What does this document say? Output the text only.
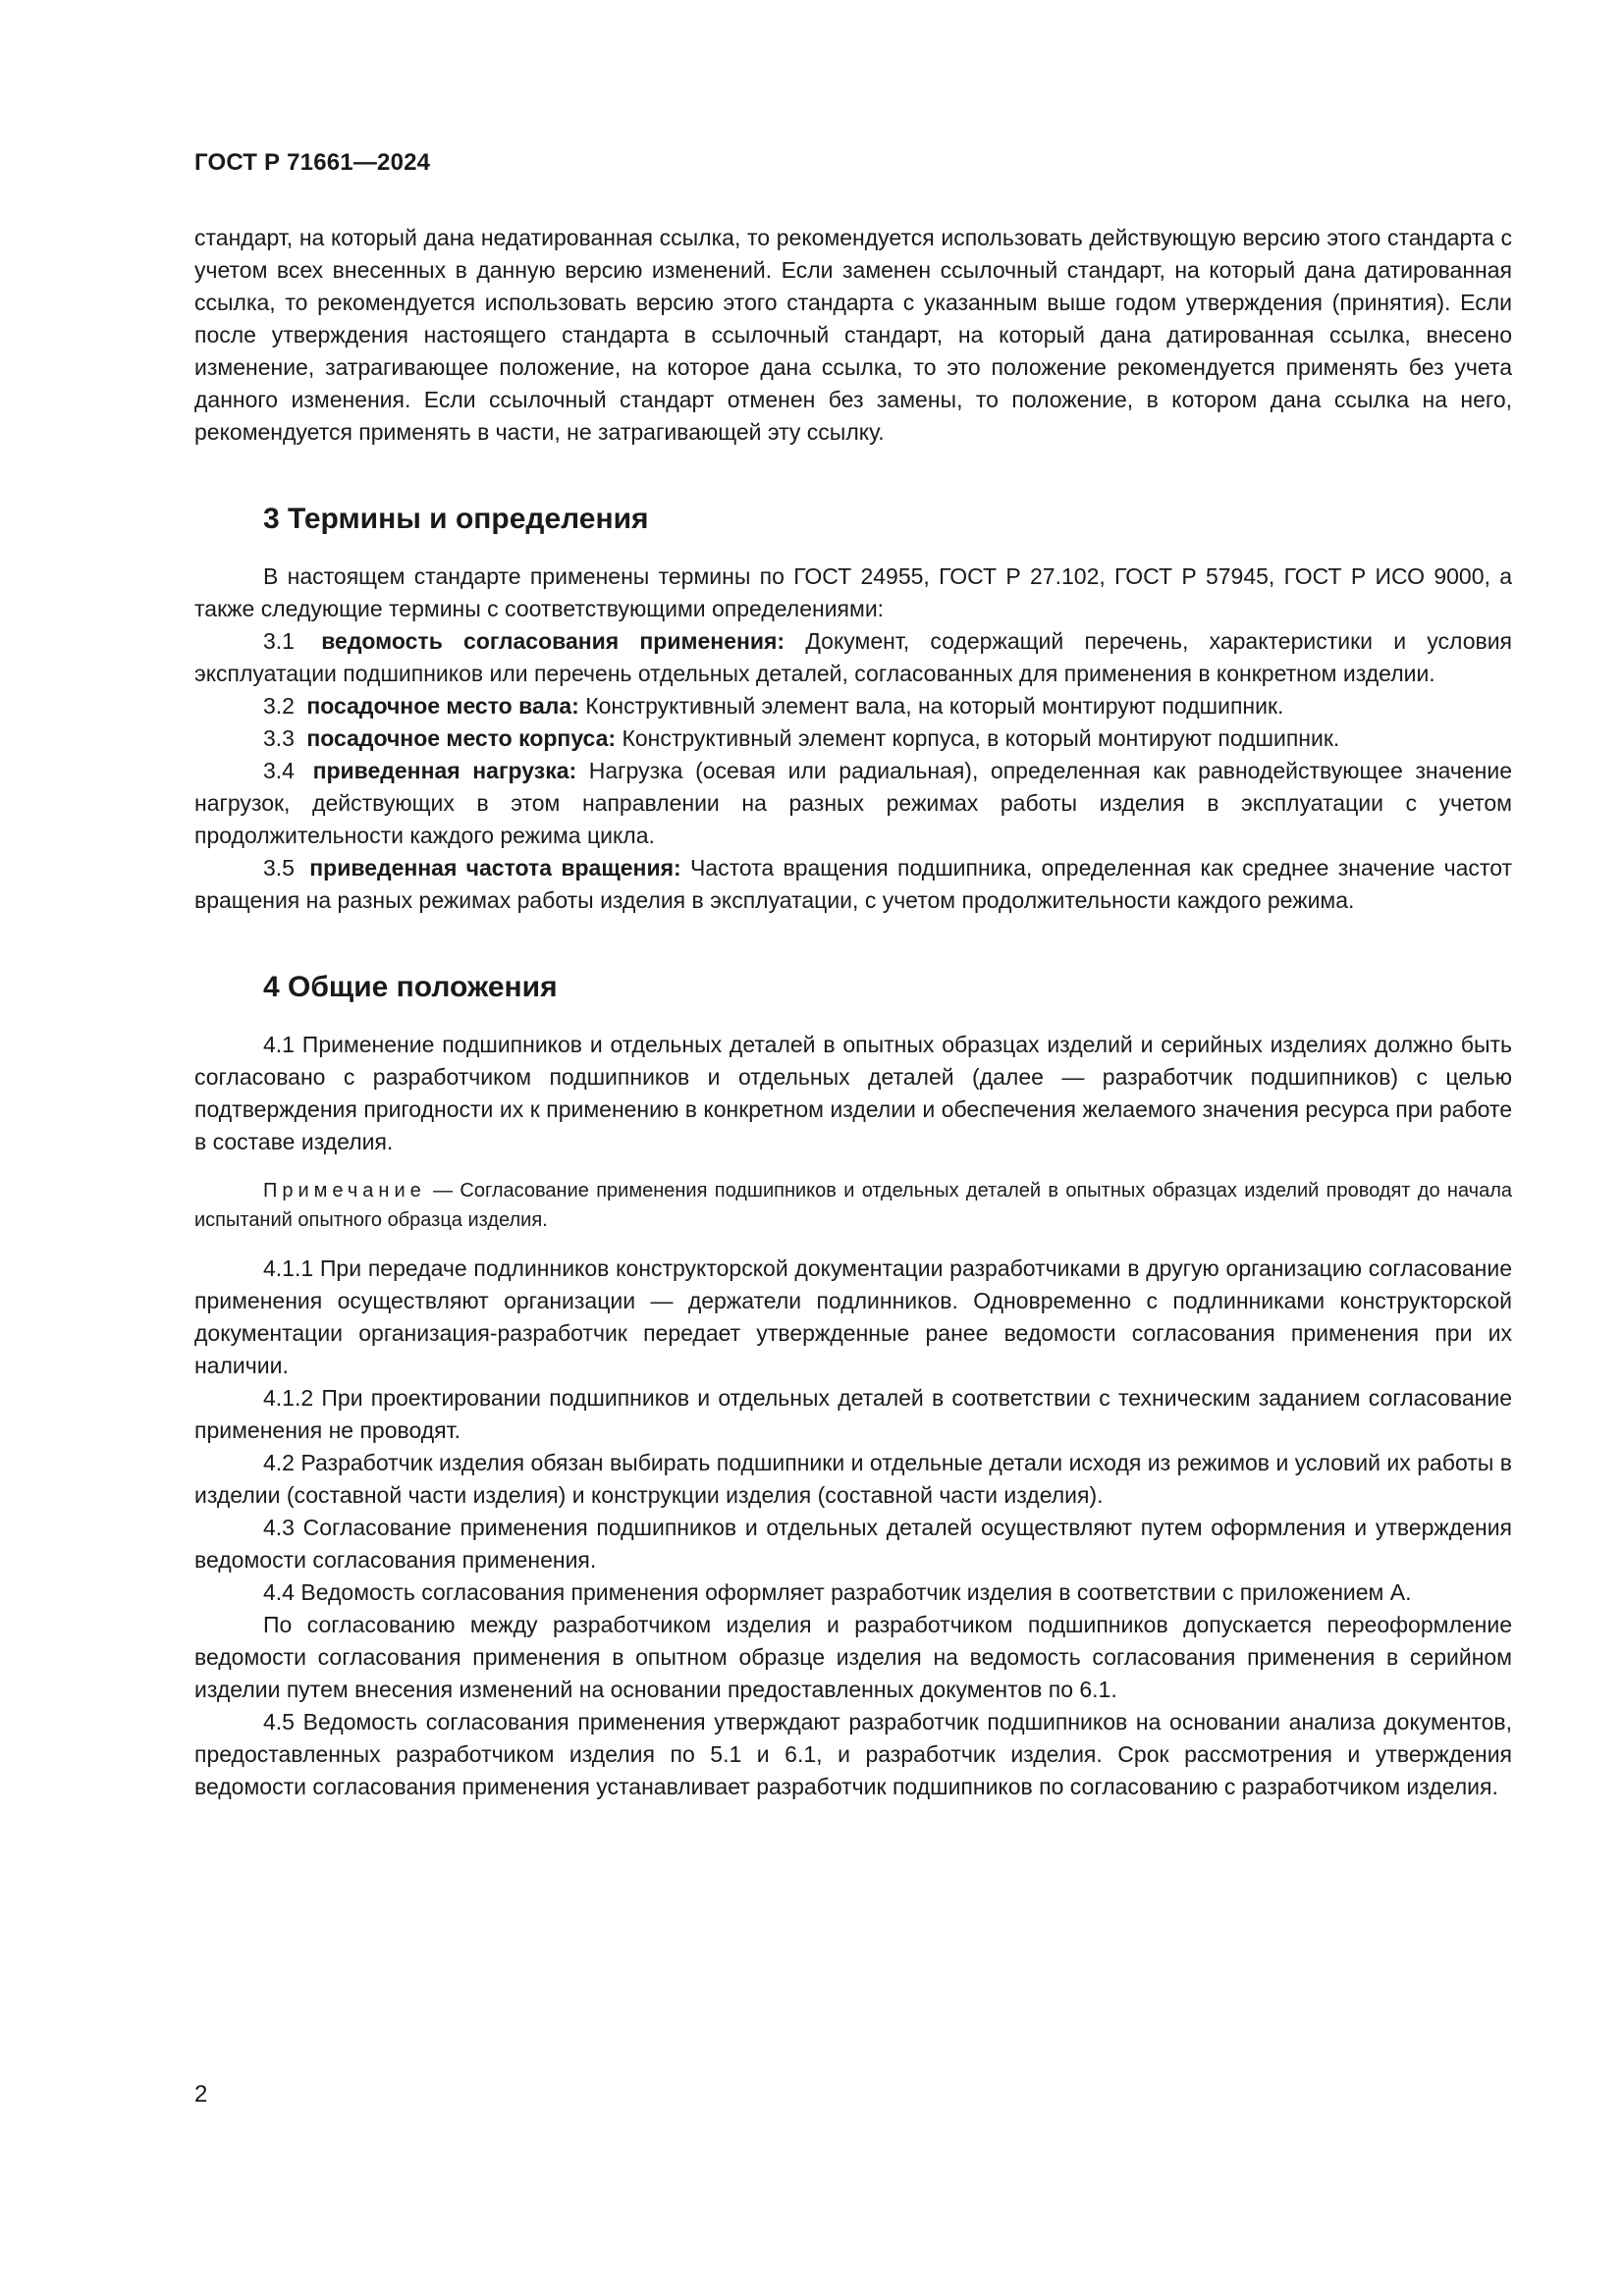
ГОСТ Р 71661—2024

стандарт, на который дана недатированная ссылка, то рекомендуется использовать действующую версию этого стандарта с учетом всех внесенных в данную версию изменений. Если заменен ссылочный стандарт, на который дана датированная ссылка, то рекомендуется использовать версию этого стандарта с указанным выше годом утверждения (принятия). Если после утверждения настоящего стандарта в ссылочный стандарт, на который дана датированная ссылка, внесено изменение, затрагивающее положение, на которое дана ссылка, то это положение рекомендуется применять без учета данного изменения. Если ссылочный стандарт отменен без замены, то положение, в котором дана ссылка на него, рекомендуется применять в части, не затрагивающей эту ссылку.

3 Термины и определения

В настоящем стандарте применены термины по ГОСТ 24955, ГОСТ Р 27.102, ГОСТ Р 57945, ГОСТ Р ИСО 9000, а также следующие термины с соответствующими определениями:

3.1 ведомость согласования применения: Документ, содержащий перечень, характеристики и условия эксплуатации подшипников или перечень отдельных деталей, согласованных для применения в конкретном изделии.

3.2 посадочное место вала: Конструктивный элемент вала, на который монтируют подшипник.

3.3 посадочное место корпуса: Конструктивный элемент корпуса, в который монтируют подшипник.

3.4 приведенная нагрузка: Нагрузка (осевая или радиальная), определенная как равнодействующее значение нагрузок, действующих в этом направлении на разных режимах работы изделия в эксплуатации с учетом продолжительности каждого режима цикла.

3.5 приведенная частота вращения: Частота вращения подшипника, определенная как среднее значение частот вращения на разных режимах работы изделия в эксплуатации, с учетом продолжительности каждого режима.

4 Общие положения

4.1 Применение подшипников и отдельных деталей в опытных образцах изделий и серийных изделиях должно быть согласовано с разработчиком подшипников и отдельных деталей (далее — разработчик подшипников) с целью подтверждения пригодности их к применению в конкретном изделии и обеспечения желаемого значения ресурса при работе в составе изделия.

Примечание — Согласование применения подшипников и отдельных деталей в опытных образцах изделий проводят до начала испытаний опытного образца изделия.

4.1.1 При передаче подлинников конструкторской документации разработчиками в другую организацию согласование применения осуществляют организации — держатели подлинников. Одновременно с подлинниками конструкторской документации организация-разработчик передает утвержденные ранее ведомости согласования применения при их наличии.

4.1.2 При проектировании подшипников и отдельных деталей в соответствии с техническим заданием согласование применения не проводят.

4.2 Разработчик изделия обязан выбирать подшипники и отдельные детали исходя из режимов и условий их работы в изделии (составной части изделия) и конструкции изделия (составной части изделия).

4.3 Согласование применения подшипников и отдельных деталей осуществляют путем оформления и утверждения ведомости согласования применения.

4.4 Ведомость согласования применения оформляет разработчик изделия в соответствии с приложением А.

По согласованию между разработчиком изделия и разработчиком подшипников допускается переоформление ведомости согласования применения в опытном образце изделия на ведомость согласования применения в серийном изделии путем внесения изменений на основании предоставленных документов по 6.1.

4.5 Ведомость согласования применения утверждают разработчик подшипников на основании анализа документов, предоставленных разработчиком изделия по 5.1 и 6.1, и разработчик изделия. Срок рассмотрения и утверждения ведомости согласования применения устанавливает разработчик подшипников по согласованию с разработчиком изделия.

2
